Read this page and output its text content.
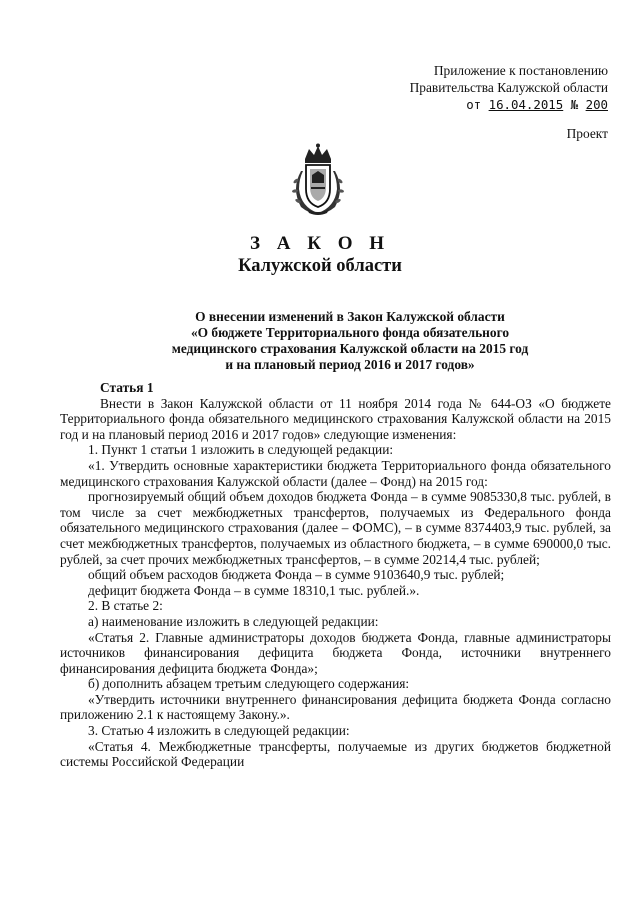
Приложение к постановлению
Правительства Калужской области
от 16.04.2015 № 200
Проект
З А К О Н
Калужской области
О внесении изменений в Закон Калужской области
«О бюджете Территориального фонда обязательного
медицинского страхования Калужской области на 2015 год
и на плановый период 2016 и 2017 годов»

Статья 1

Внести в Закон Калужской области от 11 ноября 2014 года № 644-ОЗ «О бюджете Территориального фонда обязательного медицинского страхования Калужской области на 2015 год и на плановый период 2016 и 2017 годов» следующие изменения:

1. Пункт 1 статьи 1 изложить в следующей редакции:

«1. Утвердить основные характеристики бюджета Территориального фонда обязательного медицинского страхования Калужской области (далее – Фонд) на 2015 год:

прогнозируемый общий объем доходов бюджета Фонда – в сумме 9085330,8 тыс. рублей, в том числе за счет межбюджетных трансфертов, получаемых из Федерального фонда обязательного медицинского страхования (далее – ФОМС), – в сумме 8374403,9 тыс. рублей, за счет межбюджетных трансфертов, получаемых из областного бюджета, – в сумме 690000,0 тыс. рублей, за счет прочих межбюджетных трансфертов, – в сумме 20214,4 тыс. рублей;

общий объем расходов бюджета Фонда – в сумме 9103640,9 тыс. рублей;

дефицит бюджета Фонда – в сумме 18310,1 тыс. рублей.».

2. В статье 2:

а) наименование изложить в следующей редакции:

«Статья 2. Главные администраторы доходов бюджета Фонда, главные администраторы источников финансирования дефицита бюджета Фонда, источники внутреннего финансирования дефицита бюджета Фонда»;

б) дополнить абзацем третьим следующего содержания:

«Утвердить источники внутреннего финансирования дефицита бюджета Фонда согласно приложению 2.1 к настоящему Закону.».

3. Статью 4 изложить в следующей редакции:

«Статья 4. Межбюджетные трансферты, получаемые из других бюджетов бюджетной системы Российской Федерации
